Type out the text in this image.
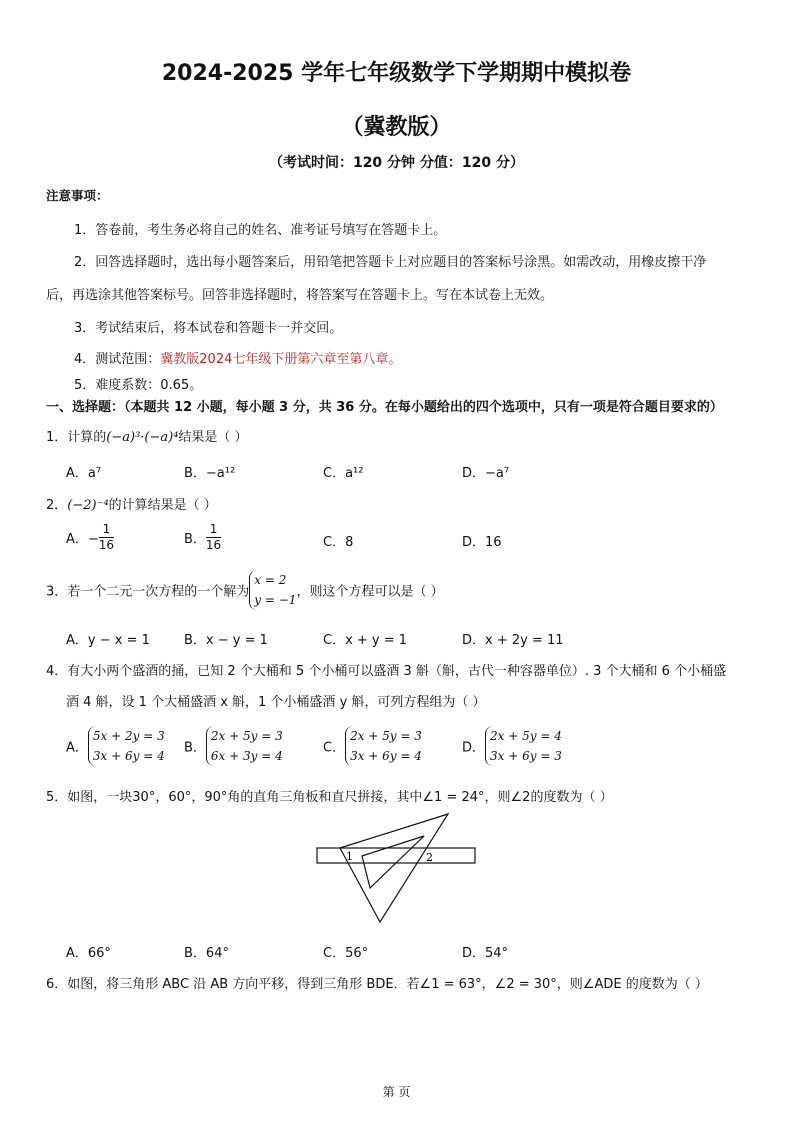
2024-2025 学年七年级数学下学期期中模拟卷
（冀教版）
（考试时间：120 分钟 分值：120 分）
注意事项：
1．答卷前，考生务必将自己的姓名、准考证号填写在答题卡上。
2．回答选择题时，选出每小题答案后，用铅笔把答题卡上对应题目的答案标号涂黑。如需改动，用橡皮擦干净
后，再选涂其他答案标号。回答非选择题时，将答案写在答题卡上。写在本试卷上无效。
3．考试结束后，将本试卷和答题卡一并交回。
4．测试范围：冀教版2024七年级下册第六章至第八章。
5．难度系数：0.65。
一、选择题：（本题共 12 小题，每小题 3 分，共 36 分。在每小题给出的四个选项中，只有一项是符合题目要求的）
1．计算的(−a)³·(−a)⁴结果是（ ）
A．a⁷	B．−a¹²	C．a¹²	D．−a⁷
2．(−2)⁻⁴的计算结果是（ ）
A．− $\frac{1}{16}$	B． $\frac{1}{16}$	C．8	D．16
3．若一个二元一次方程的一个解为
x = 2
y = −1
，则这个方程可以是（ ）
A．y − x = 1	B．x − y = 1	C．x + y = 1	D．x + 2y = 11
4．有大小两个盛酒的捅，已知 2 个大桶和 5 个小桶可以盛酒 3 斛（斛，古代一种容器单位）. 3 个大桶和 6 个小桶盛
酒 4 斛，设 1 个大桶盛酒 x 斛，1 个小桶盛酒 y 斛，可列方程组为（ ）
A．
5x + 2y = 3
3x + 6y = 4
B．
2x + 5y = 3
6x + 3y = 4
C．
2x + 5y = 3
3x + 6y = 4
D．
2x + 5y = 4
3x + 6y = 3
5．如图，一块30°，60°，90°角的直角三角板和直尺拼接，其中∠1 = 24°，则∠2的度数为（ ）
1	2
A．66°	B．64°	C．56°	D．54°
6．如图，将三角形 ABC 沿 AB 方向平移，得到三角形 BDE．若∠1 = 63°，∠2 = 30°，则∠ADE 的度数为（ ）
第 页
